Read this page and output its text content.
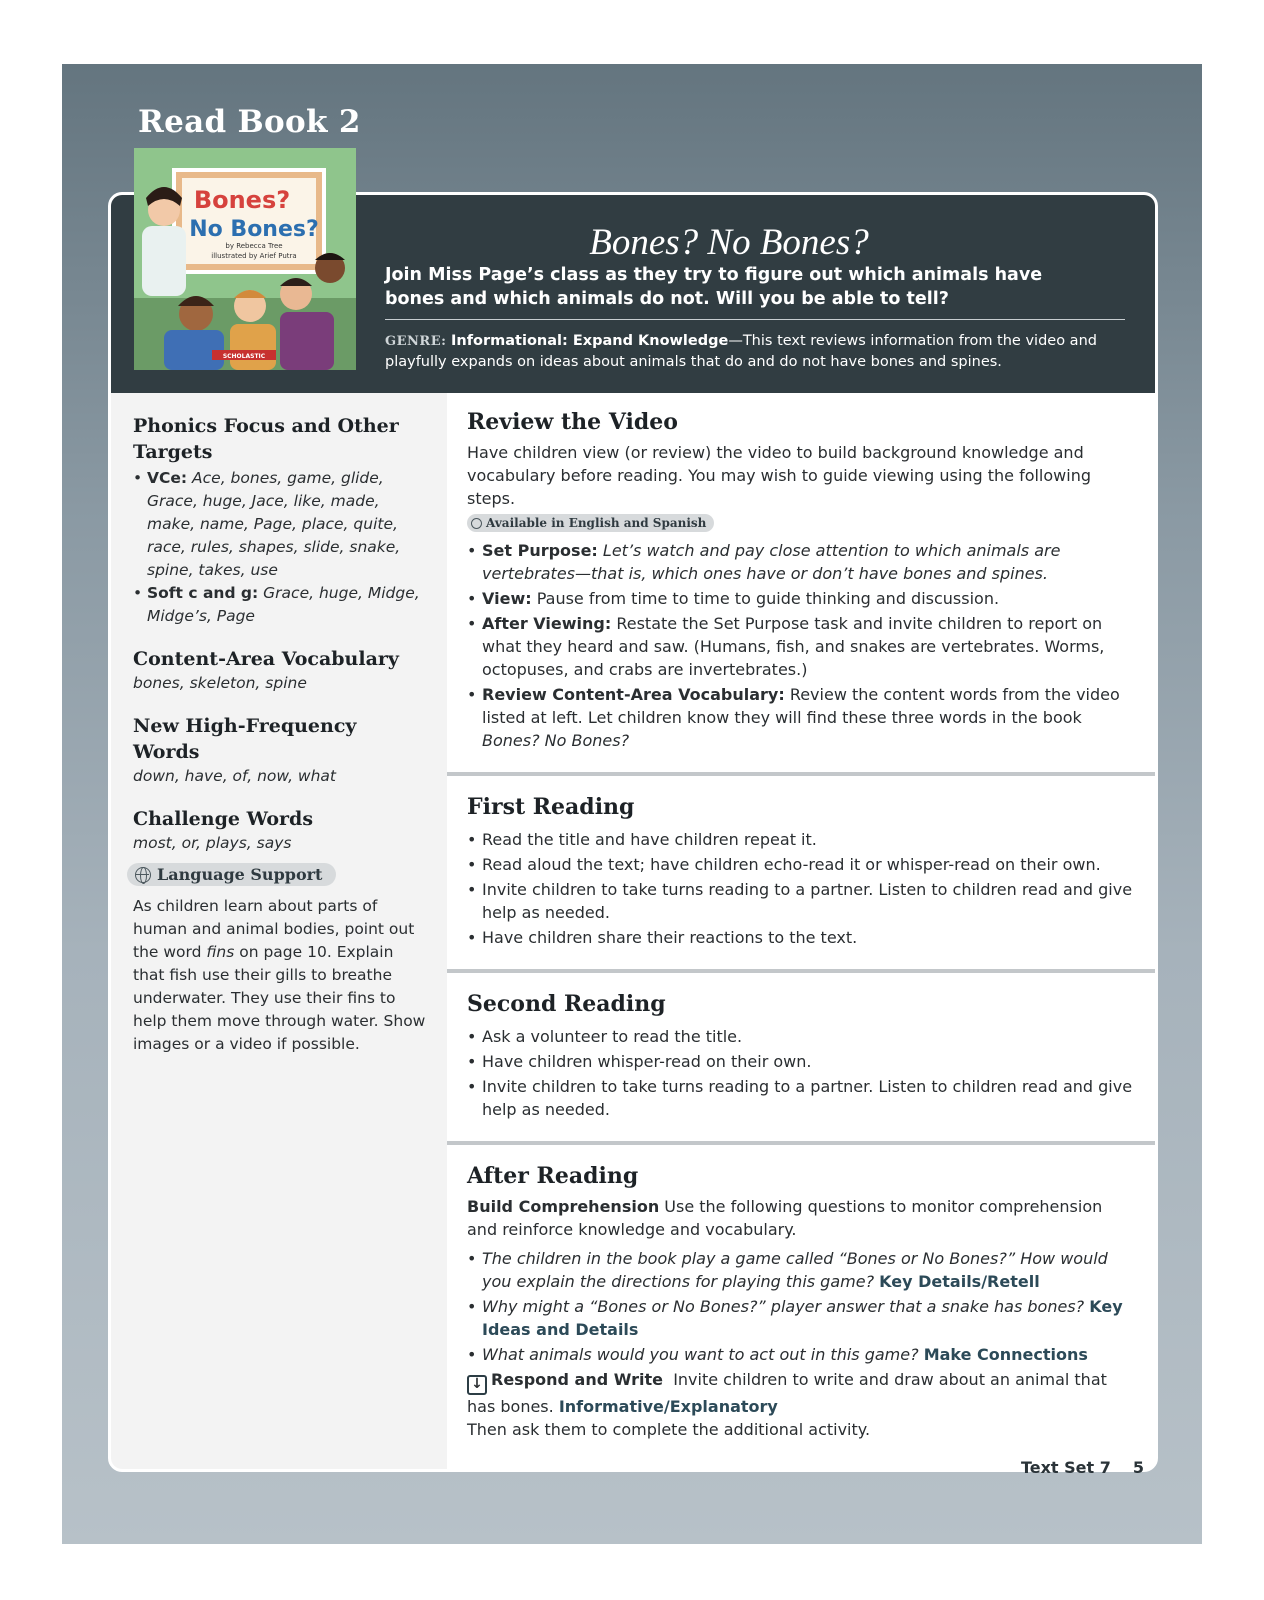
Read Book 2
Bones? No Bones?
Join Miss Page’s class as they try to figure out which animals have bones and which animals do not. Will you be able to tell?
GENRE: Informational: Expand Knowledge—This text reviews information from the video and playfully expands on ideas about animals that do and do not have bones and spines.
Phonics Focus and Other Targets
• VCe: Ace, bones, game, glide, Grace, huge, Jace, like, made, make, name, Page, place, quite, race, rules, shapes, slide, snake, spine, takes, use
• Soft c and g: Grace, huge, Midge, Midge’s, Page
Content-Area Vocabulary
bones, skeleton, spine
New High-Frequency Words
down, have, of, now, what
Challenge Words
most, or, plays, says
Language Support
As children learn about parts of human and animal bodies, point out the word fins on page 10. Explain that fish use their gills to breathe underwater. They use their fins to help them move through water. Show images or a video if possible.
Review the Video
Have children view (or review) the video to build background knowledge and vocabulary before reading. You may wish to guide viewing using the following steps.
Available in English and Spanish
• Set Purpose: Let’s watch and pay close attention to which animals are vertebrates—that is, which ones have or don’t have bones and spines.
• View: Pause from time to time to guide thinking and discussion.
• After Viewing: Restate the Set Purpose task and invite children to report on what they heard and saw. (Humans, fish, and snakes are vertebrates. Worms, octopuses, and crabs are invertebrates.)
• Review Content-Area Vocabulary: Review the content words from the video listed at left. Let children know they will find these three words in the book Bones? No Bones?
First Reading
• Read the title and have children repeat it.
• Read aloud the text; have children echo-read it or whisper-read on their own.
• Invite children to take turns reading to a partner. Listen to children read and give help as needed.
• Have children share their reactions to the text.
Second Reading
• Ask a volunteer to read the title.
• Have children whisper-read on their own.
• Invite children to take turns reading to a partner. Listen to children read and give help as needed.
After Reading
Build Comprehension Use the following questions to monitor comprehension and reinforce knowledge and vocabulary.
• The children in the book play a game called “Bones or No Bones?” How would you explain the directions for playing this game? Key Details/Retell
• Why might a “Bones or No Bones?” player answer that a snake has bones? Key Ideas and Details
• What animals would you want to act out in this game? Make Connections
↓ Respond and Write Invite children to write and draw about an animal that has bones. Informative/Explanatory
Then ask them to complete the additional activity.
Bones?
No Bones?
by Rebecca Tree
illustrated by Arief Putra
SCHOLASTIC
Text Set 7 5
